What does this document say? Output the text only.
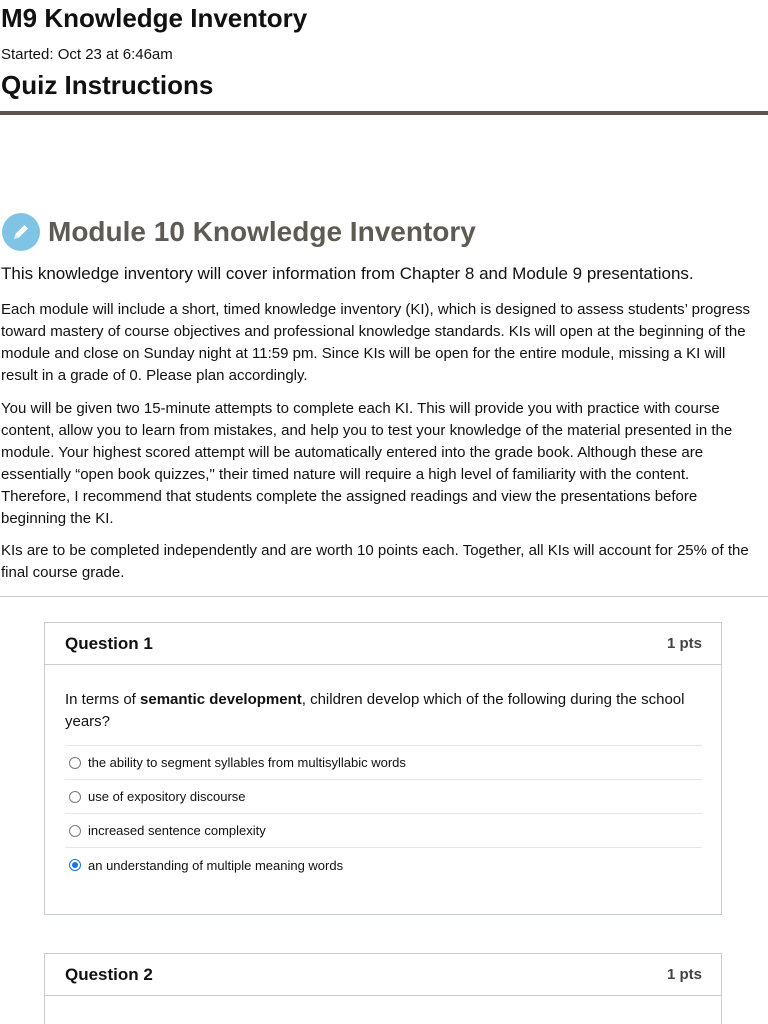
M9 Knowledge Inventory
Started: Oct 23 at 6:46am
Quiz Instructions
Module 10 Knowledge Inventory
This knowledge inventory will cover information from Chapter 8 and Module 9 presentations.

Each module will include a short, timed knowledge inventory (KI), which is designed to assess students’ progress toward mastery of course objectives and professional knowledge standards. KIs will open at the beginning of the module and close on Sunday night at 11:59 pm. Since KIs will be open for the entire module, missing a KI will result in a grade of 0. Please plan accordingly.

You will be given two 15-minute attempts to complete each KI. This will provide you with practice with course content, allow you to learn from mistakes, and help you to test your knowledge of the material presented in the module. Your highest scored attempt will be automatically entered into the grade book. Although these are essentially “open book quizzes," their timed nature will require a high level of familiarity with the content. Therefore, I recommend that students complete the assigned readings and view the presentations before beginning the KI.

KIs are to be completed independently and are worth 10 points each. Together, all KIs will account for 25% of the final course grade.

Question 1	1 pts

In terms of semantic development, children develop which of the following during the school years?

the ability to segment syllables from multisyllabic words
use of expository discourse
increased sentence complexity
an understanding of multiple meaning words
Question 2	1 pts
